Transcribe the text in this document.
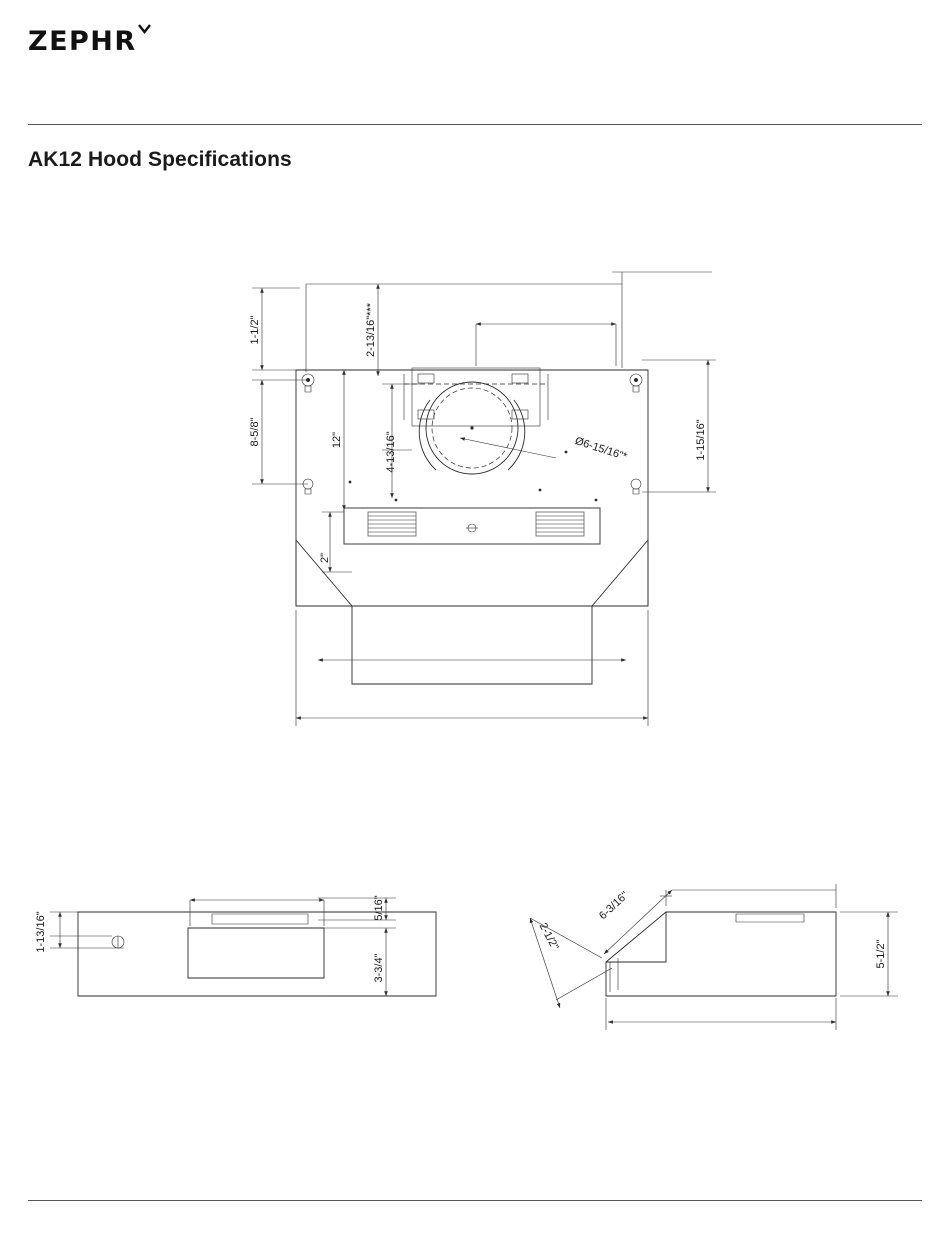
ZEPHR
AK12 Hood Specifications
1-1/2"
8-5/8"	12"
2-13/16"***
4-13/16"	Ø6-15/16"*	1-15/16"
2"
1-13/16"
5/16"
3-3/4"
6-3/16"
2-1/2"
5-1/2"
